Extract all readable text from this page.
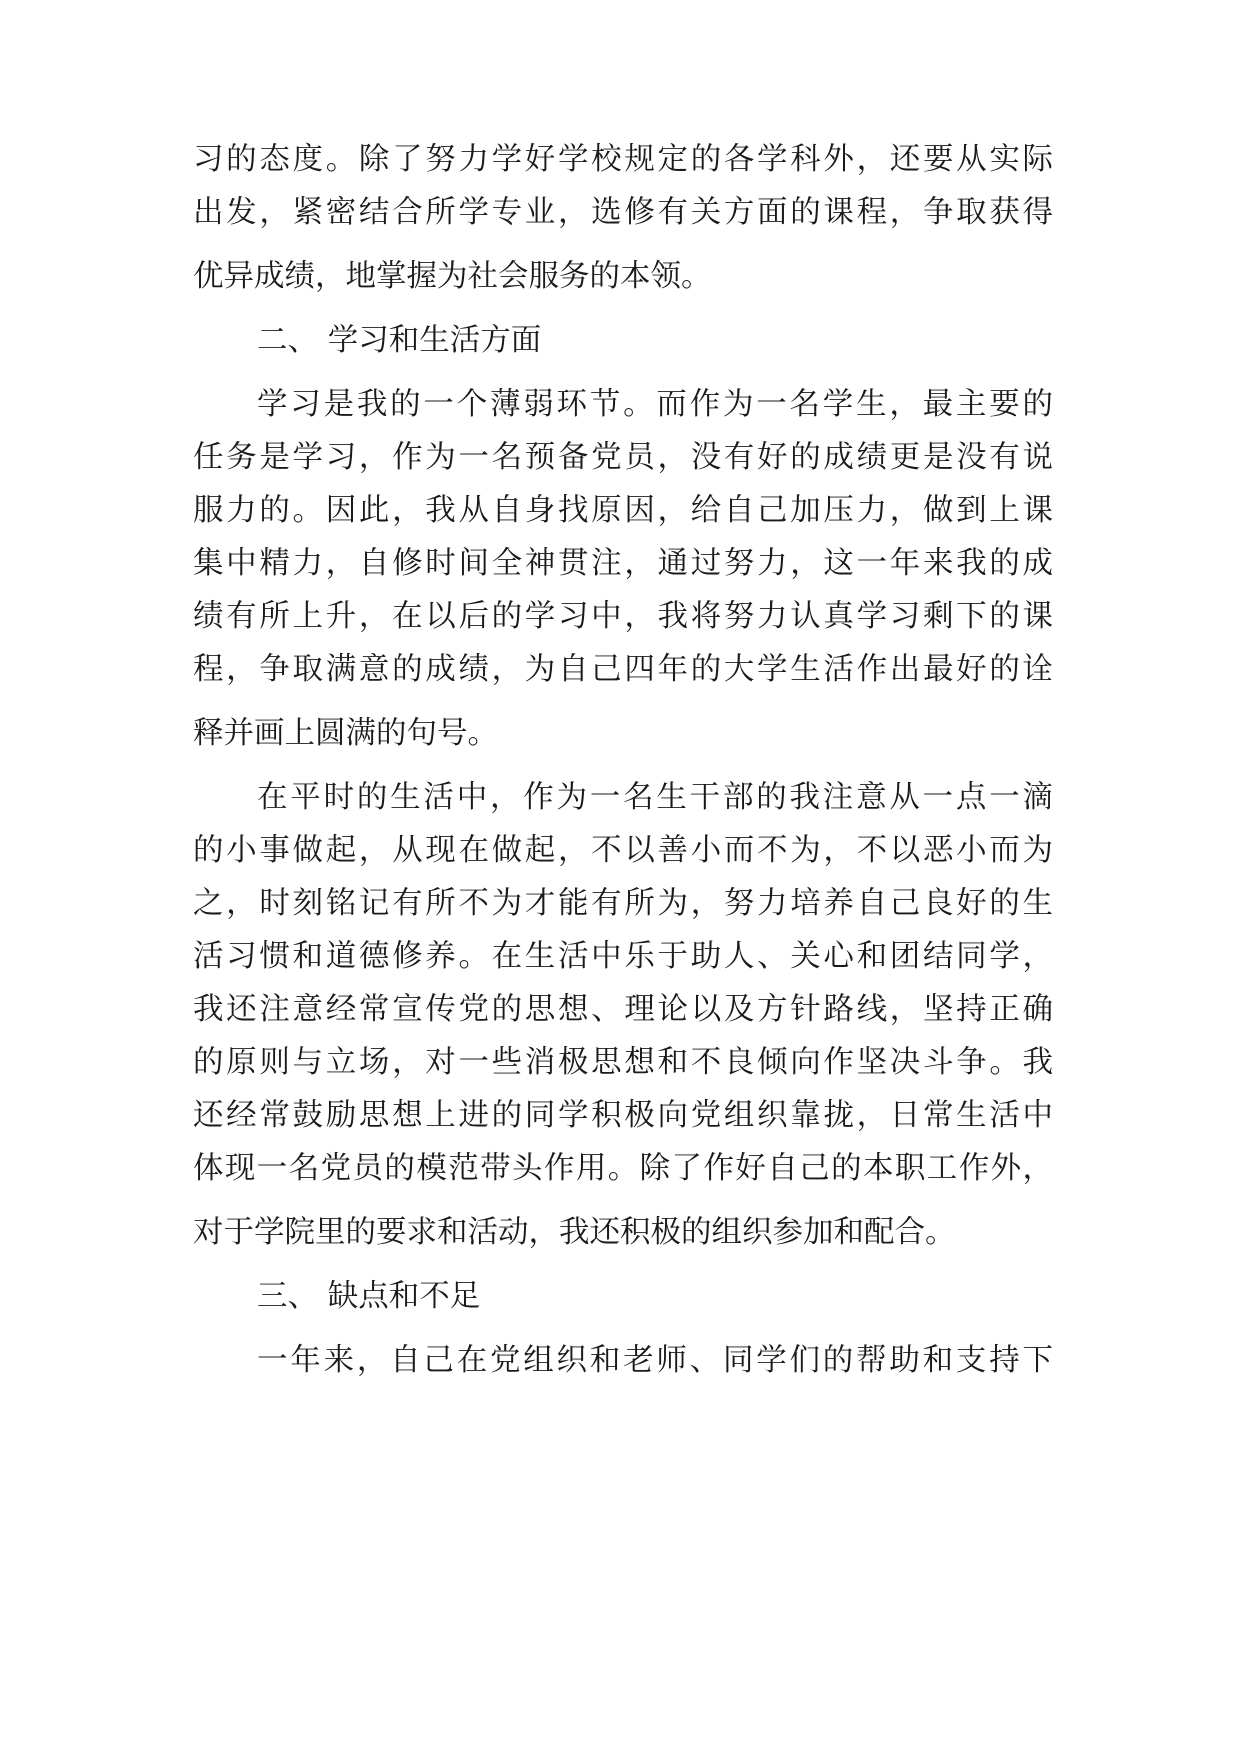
习的态度。除了努力学好学校规定的各学科外，还要从实际
出发，紧密结合所学专业，选修有关方面的课程，争取获得
优异成绩，地掌握为社会服务的本领。
二、 学习和生活方面
学习是我的一个薄弱环节。而作为一名学生，最主要的
任务是学习，作为一名预备党员，没有好的成绩更是没有说
服力的。因此，我从自身找原因，给自己加压力，做到上课
集中精力，自修时间全神贯注，通过努力，这一年来我的成
绩有所上升，在以后的学习中，我将努力认真学习剩下的课
程，争取满意的成绩，为自己四年的大学生活作出最好的诠
释并画上圆满的句号。
在平时的生活中，作为一名生干部的我注意从一点一滴
的小事做起，从现在做起，不以善小而不为，不以恶小而为
之，时刻铭记有所不为才能有所为，努力培养自己良好的生
活习惯和道德修养。在生活中乐于助人、关心和团结同学，
我还注意经常宣传党的思想、理论以及方针路线，坚持正确
的原则与立场，对一些消极思想和不良倾向作坚决斗争。我
还经常鼓励思想上进的同学积极向党组织靠拢，日常生活中
体现一名党员的模范带头作用。除了作好自己的本职工作外，
对于学院里的要求和活动，我还积极的组织参加和配合。
三、 缺点和不足
一年来，自己在党组织和老师、同学们的帮助和支持下
